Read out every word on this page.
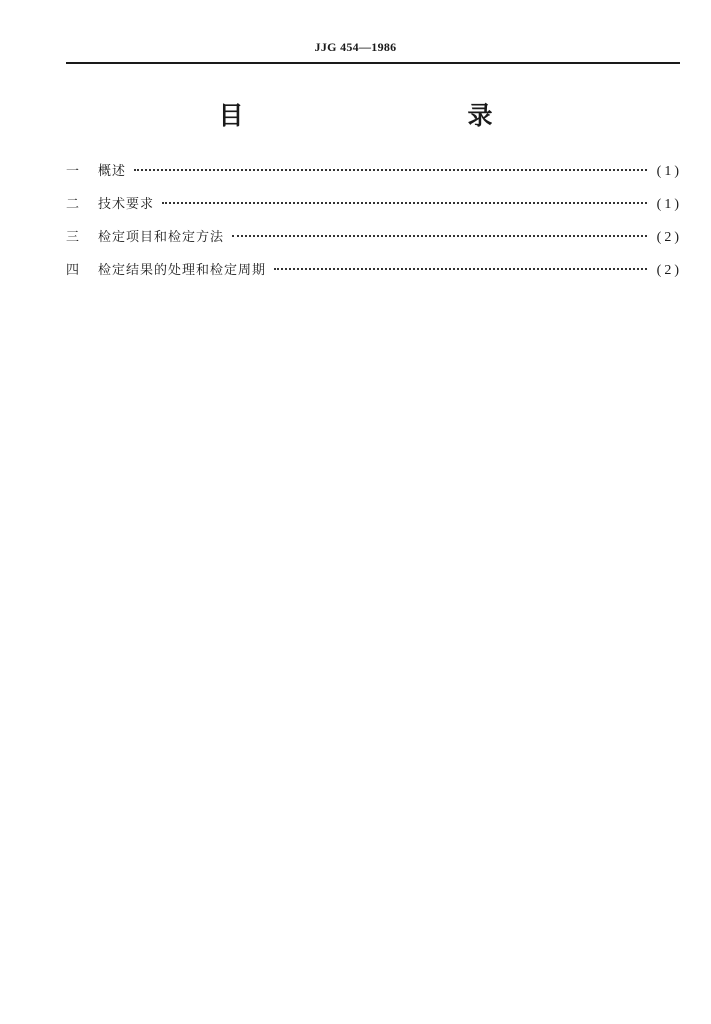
JJG 454—1986
目　　录
一	概述	(1)
二	技术要求	(1)
三	检定项目和检定方法	(2)
四	检定结果的处理和检定周期	(2)
